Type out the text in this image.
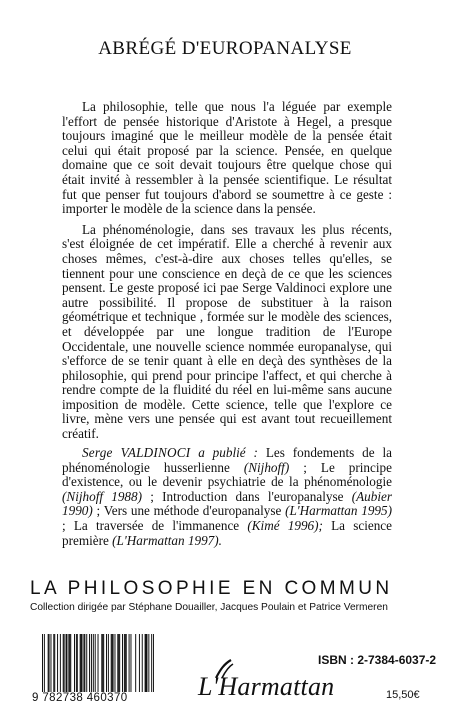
ABRÉGÉ D'EUROPANALYSE

La philosophie, telle que nous l'a léguée par exemple l'effort de pensée historique d'Aristote à Hegel, a presque toujours imaginé que le meilleur modèle de la pensée était celui qui était proposé par la science. Pensée, en quelque domaine que ce soit devait toujours être quelque chose qui était invité à ressembler à la pensée scientifique. Le résultat fut que penser fut toujours d'abord se soumettre à ce geste : importer le modèle de la science dans la pensée.

La phénoménologie, dans ses travaux les plus récents, s'est éloignée de cet impératif. Elle a cherché à revenir aux choses mêmes, c'est-à-dire aux choses telles qu'elles, se tiennent pour une conscience en deçà de ce que les sciences pensent. Le geste proposé ici pae Serge Valdinoci explore une autre possibilité. Il propose de substituer à la raison géométrique et technique , formée sur le modèle des sciences, et développée par une longue tradition de l'Europe Occidentale, une nouvelle science nommée europanalyse, qui s'efforce de se tenir quant à elle en deçà des synthèses de la philosophie, qui prend pour principe l'affect, et qui cherche à rendre compte de la fluidité du réel en lui-même sans aucune imposition de modèle. Cette science, telle que l'explore ce livre, mène vers une pensée qui est avant tout recueillement créatif.

Serge VALDINOCI a publié : Les fondements de la phénoménologie husserlienne (Nijhoff) ; Le principe d'existence, ou le devenir psychiatrie de la phénoménologie (Nijhoff 1988) ; Introduction dans l'europanalyse (Aubier 1990) ; Vers une méthode d'europanalyse (L'Harmattan 1995) ; La traversée de l'immanence (Kimé 1996); La science première (L'Harmattan 1997).

LA PHILOSOPHIE EN COMMUN
Collection dirigée par Stéphane Douailler, Jacques Poulain et Patrice Vermeren
9 782738 460370	L'Harmattan
ISBN : 2-7384-6037-2
15,50€
